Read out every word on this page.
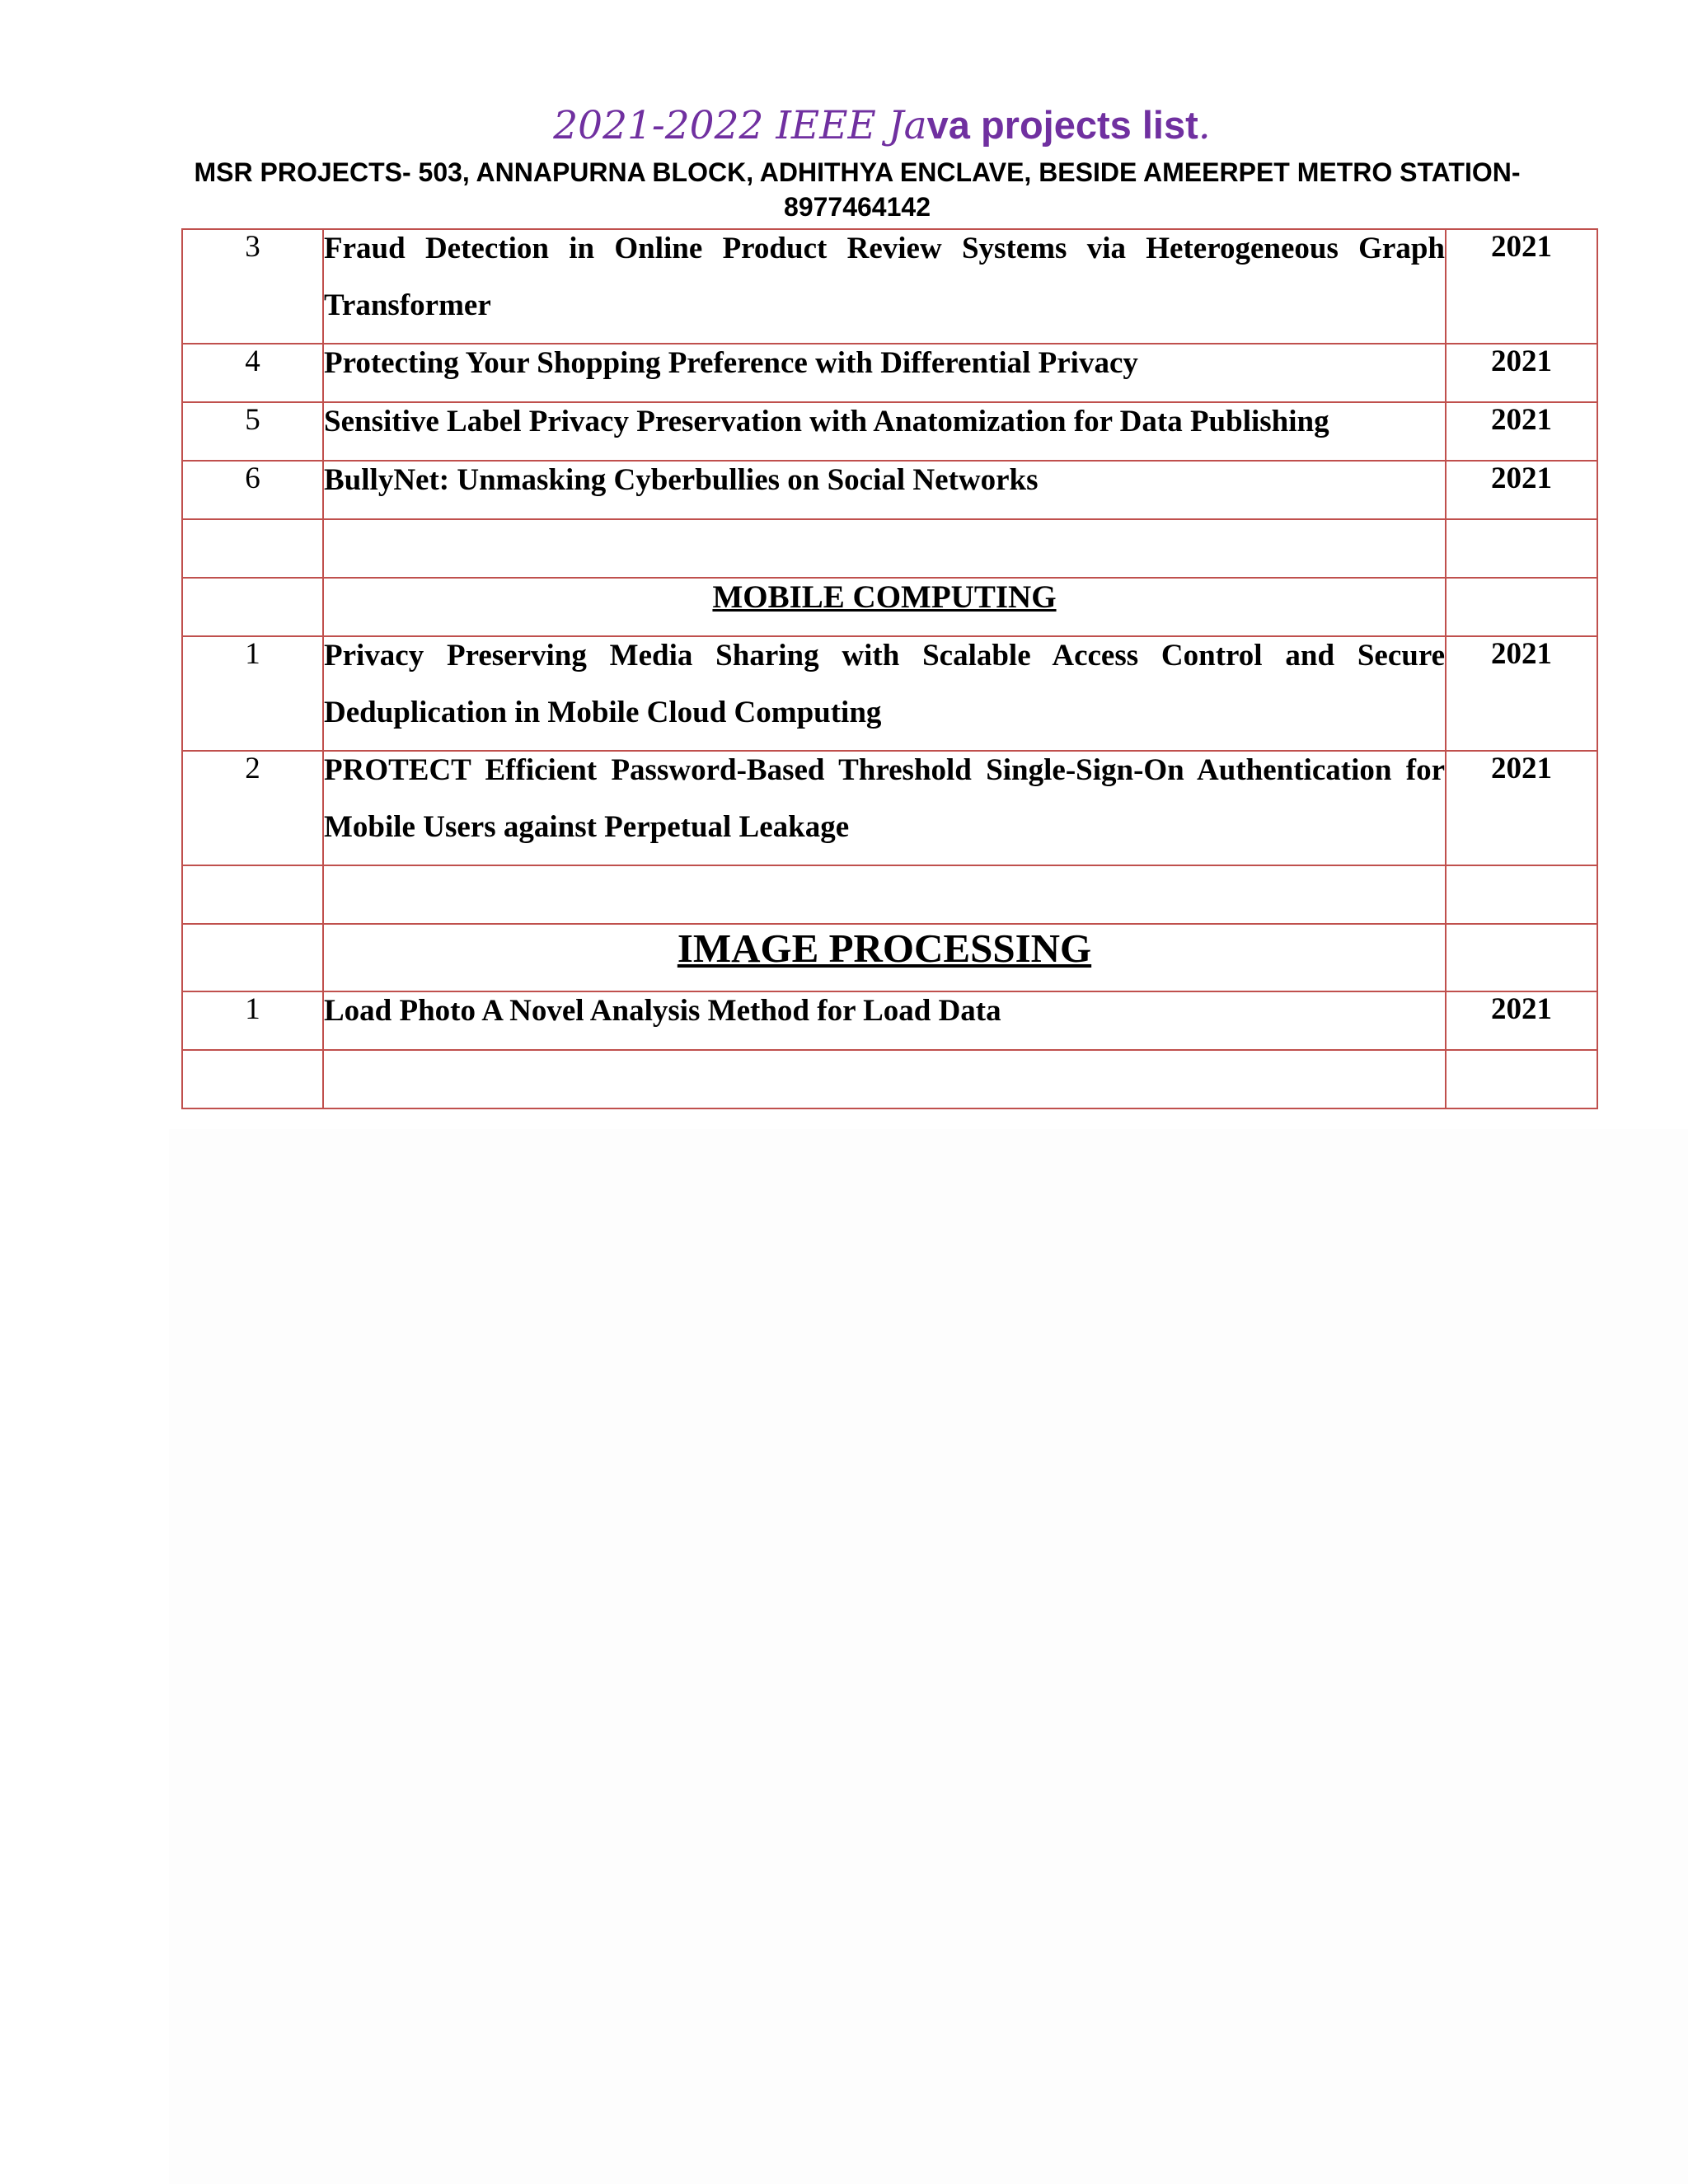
2021-2022 IEEE Java projects list.
MSR PROJECTS- 503, ANNAPURNA BLOCK, ADHITHYA ENCLAVE, BESIDE AMEERPET METRO STATION-8977464142
3	Fraud Detection in Online Product Review Systems via Heterogeneous Graph Transformer	2021
4	Protecting Your Shopping Preference with Differential Privacy	2021
5	Sensitive Label Privacy Preservation with Anatomization for Data Publishing	2021
6	BullyNet: Unmasking Cyberbullies on Social Networks	2021

	MOBILE COMPUTING	
1	Privacy Preserving Media Sharing with Scalable Access Control and Secure Deduplication in Mobile Cloud Computing	2021
2	PROTECT Efficient Password-Based Threshold Single-Sign-On Authentication for Mobile Users against Perpetual Leakage	2021

	IMAGE PROCESSING	
1	Load Photo A Novel Analysis Method for Load Data	2021
